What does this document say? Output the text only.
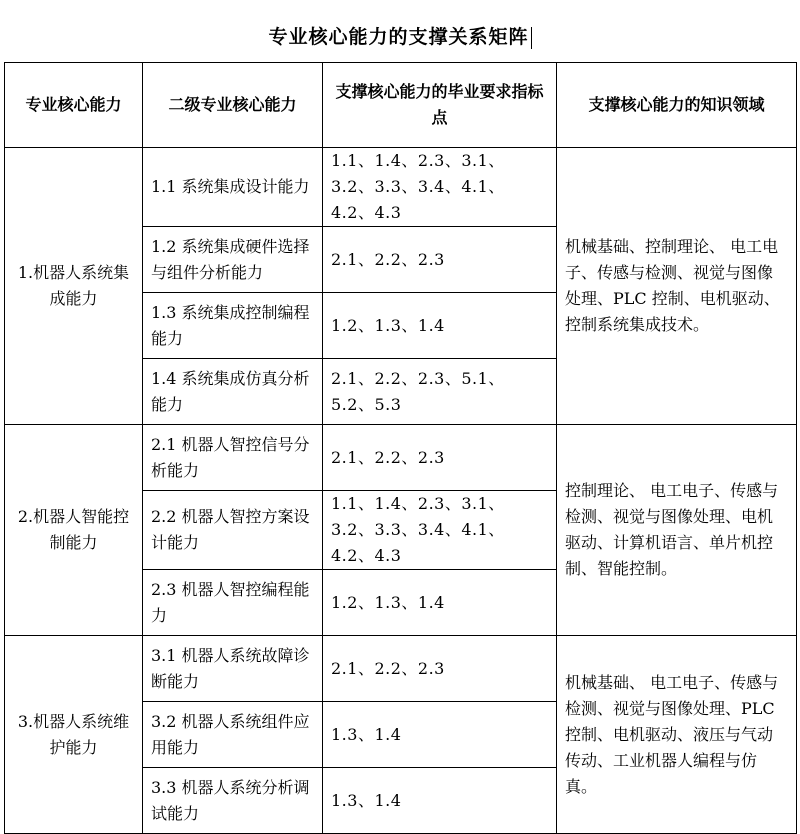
专业核心能力的支撑关系矩阵
专业核心能力	二级专业核心能力	支撑核心能力的毕业要求指标点	支撑核心能力的知识领域
1.机器人系统集成能力	1.1 系统集成设计能力	1.1、1.4、2.3、3.1、3.2、3.3、3.4、4.1、4.2、4.3	机械基础、控制理论、 电工电子、传感与检测、视觉与图像处理、PLC 控制、电机驱动、控制系统集成技术。
	1.2 系统集成硬件选择与组件分析能力	2.1、2.2、2.3	
	1.3 系统集成控制编程能力	1.2、1.3、1.4	
	1.4 系统集成仿真分析能力	2.1、2.2、2.3、5.1、5.2、5.3	
2.机器人智能控制能力	2.1 机器人智控信号分析能力	2.1、2.2、2.3	控制理论、 电工电子、传感与检测、视觉与图像处理、电机驱动、计算机语言、单片机控制、智能控制。
	2.2 机器人智控方案设计能力	1.1、1.4、2.3、3.1、3.2、3.3、3.4、4.1、4.2、4.3	
	2.3 机器人智控编程能力	1.2、1.3、1.4	
3.机器人系统维护能力	3.1 机器人系统故障诊断能力	2.1、2.2、2.3	机械基础、 电工电子、传感与检测、视觉与图像处理、PLC 控制、电机驱动、液压与气动传动、工业机器人编程与仿真。
	3.2 机器人系统组件应用能力	1.3、1.4	
	3.3 机器人系统分析调试能力	1.3、1.4	
